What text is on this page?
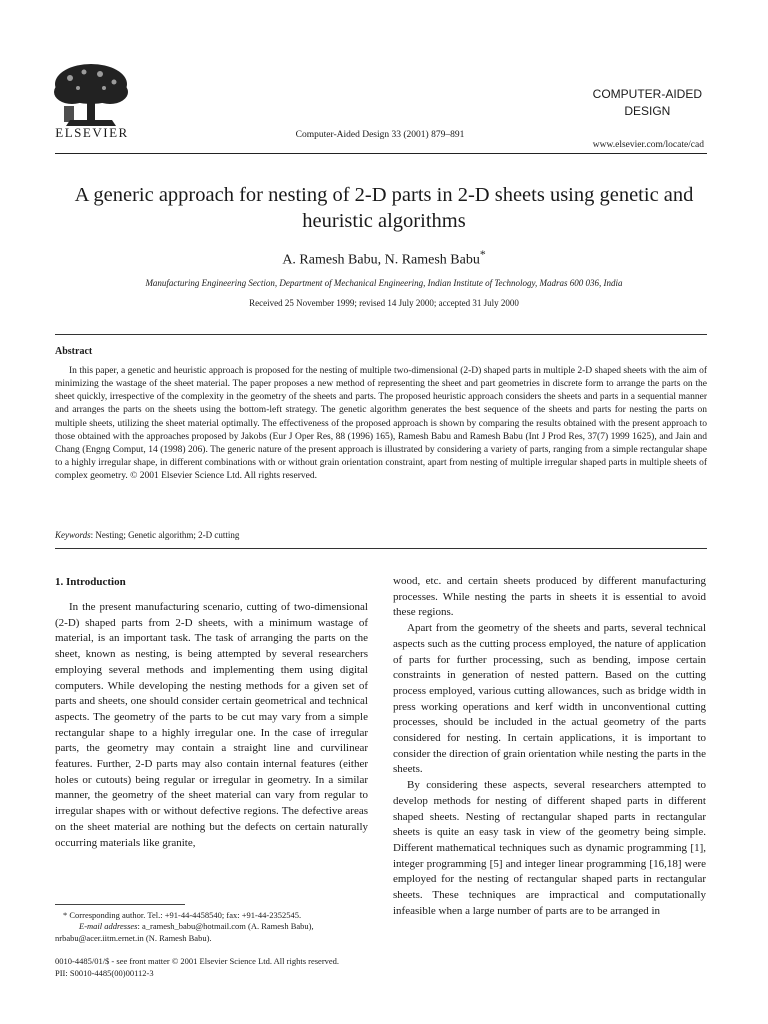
ELSEVIER	Computer-Aided Design 33 (2001) 879–891
COMPUTER-AIDED
DESIGN
www.elsevier.com/locate/cad
A generic approach for nesting of 2-D parts in 2-D sheets using genetic and heuristic algorithms
A. Ramesh Babu, N. Ramesh Babu*
Manufacturing Engineering Section, Department of Mechanical Engineering, Indian Institute of Technology, Madras 600 036, India
Received 25 November 1999; revised 14 July 2000; accepted 31 July 2000
Abstract
In this paper, a genetic and heuristic approach is proposed for the nesting of multiple two-dimensional (2-D) shaped parts in multiple 2-D shaped sheets with the aim of minimizing the wastage of the sheet material. The paper proposes a new method of representing the sheet and part geometries in discrete form to arrange the parts on the sheet quickly, irrespective of the complexity in the geometry of the sheets and parts. The proposed heuristic approach considers the sheets and parts in a sequential manner and arranges the parts on the sheets using the bottom-left strategy. The genetic algorithm generates the best sequence of the sheets and parts for nesting the parts on multiple sheets, utilizing the sheet material optimally. The effectiveness of the proposed approach is shown by comparing the results obtained with the present approach to those obtained with the approaches proposed by Jakobs (Eur J Oper Res, 88 (1996) 165), Ramesh Babu and Ramesh Babu (Int J Prod Res, 37(7) 1999 1625), and Jain and Chang (Engng Comput, 14 (1998) 206). The generic nature of the present approach is illustrated by considering a variety of parts, ranging from a simple rectangular shape to a highly irregular shape, in different combinations with or without grain orientation constraint, apart from nesting of multiple irregular shaped parts in multiple sheets of complex geometry. © 2001 Elsevier Science Ltd. All rights reserved.
Keywords: Nesting; Genetic algorithm; 2-D cutting
1. Introduction

In the present manufacturing scenario, cutting of two-dimensional (2-D) shaped parts from 2-D sheets, with a minimum wastage of material, is an important task. The task of arranging the parts on the sheet, known as nesting, is being attempted by several researchers employing several methods and implementing them using digital computers. While developing the nesting methods for a given set of parts and sheets, one should consider certain geometrical and technical aspects. The geometry of the parts to be cut may vary from a simple rectangular shape to a highly irregular one. In the case of irregular parts, the geometry may contain a straight line and curvilinear features. Further, 2-D parts may also contain internal features (either holes or cutouts) being regular or irregular in geometry. In a similar manner, the geometry of the sheet material can vary from regular to irregular shapes with or without defective regions. The defective areas on the sheet material are nothing but the defects on certain naturally occurring materials like granite,

wood, etc. and certain sheets produced by different manufacturing processes. While nesting the parts in sheets it is essential to avoid these regions.

Apart from the geometry of the sheets and parts, several technical aspects such as the cutting process employed, the nature of application of parts for further processing, such as bending, impose certain constraints in generation of nested pattern. Based on the cutting process employed, various cutting allowances, such as bridge width in press working operations and kerf width in unconventional cutting processes, should be included in the actual geometry of the parts considered for nesting. In certain applications, it is important to consider the direction of grain orientation while nesting the parts in the sheets.

By considering these aspects, several researchers attempted to develop methods for nesting of different shaped parts in different shaped sheets. Nesting of rectangular shaped parts in rectangular sheets is quite an easy task in view of the geometry being simple. Different mathematical techniques such as dynamic programming [1], integer programming [5] and integer linear programming [16,18] were employed for the nesting of rectangular shaped parts in rectangular sheets. These techniques are impractical and computationally infeasible when a large number of parts are to be arranged in

* Corresponding author. Tel.: +91-44-4458540; fax: +91-44-2352545.
E-mail addresses: a_ramesh_babu@hotmail.com (A. Ramesh Babu),
nrbabu@acer.iitm.ernet.in (N. Ramesh Babu).
0010-4485/01/$ - see front matter © 2001 Elsevier Science Ltd. All rights reserved.
PII: S0010-4485(00)00112-3
